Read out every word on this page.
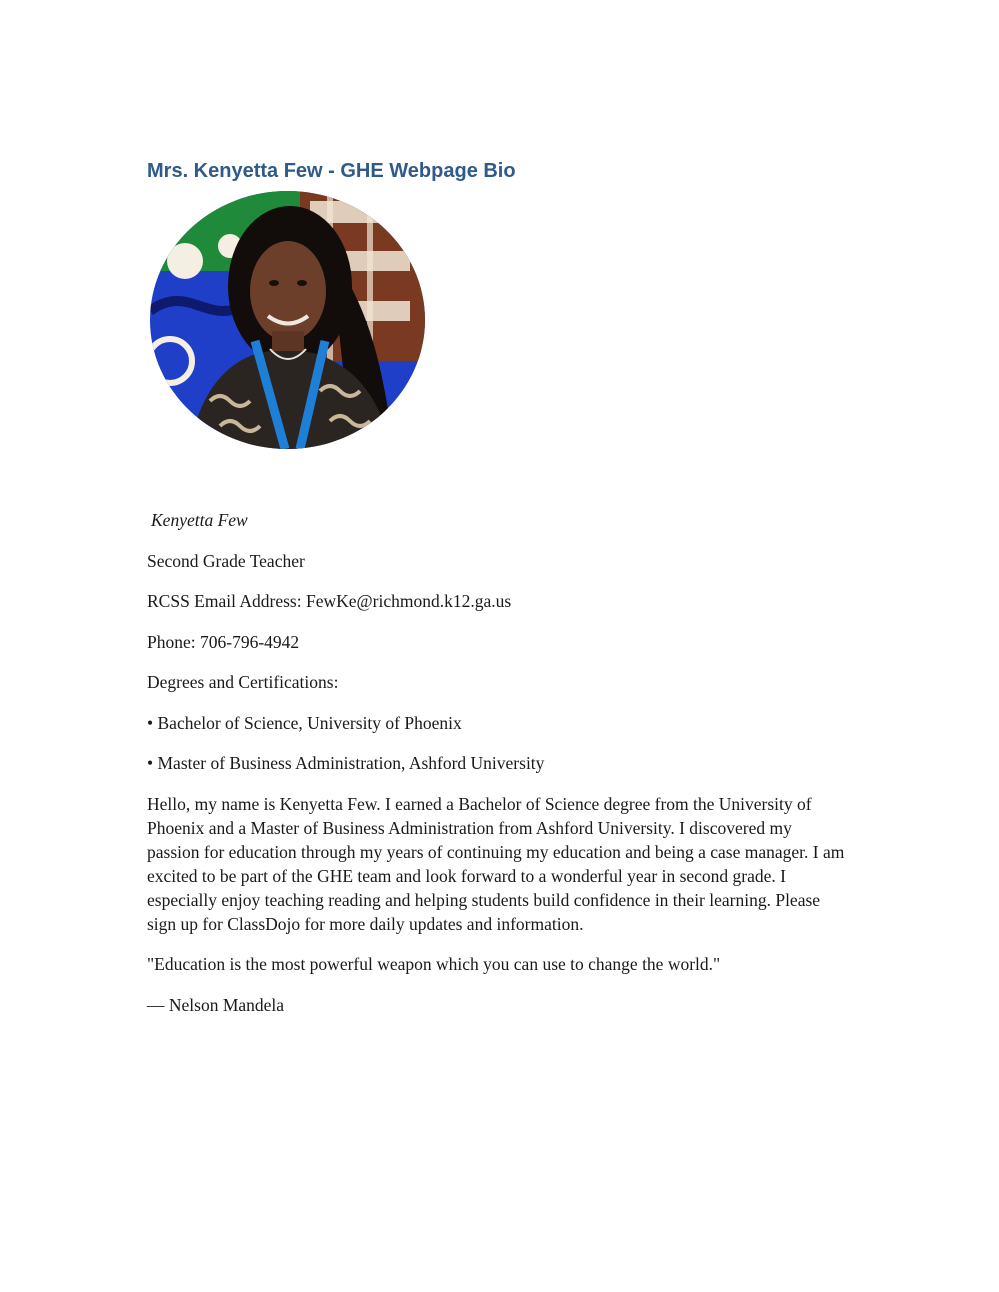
Mrs. Kenyetta Few - GHE Webpage Bio

Kenyetta Few

Second Grade Teacher

RCSS Email Address: FewKe@richmond.k12.ga.us

Phone: 706-796-4942

Degrees and Certifications:

• Bachelor of Science, University of Phoenix

• Master of Business Administration, Ashford University

Hello, my name is Kenyetta Few. I earned a Bachelor of Science degree from the University of Phoenix and a Master of Business Administration from Ashford University. I discovered my passion for education through my years of continuing my education and being a case manager. I am excited to be part of the GHE team and look forward to a wonderful year in second grade. I especially enjoy teaching reading and helping students build confidence in their learning. Please sign up for ClassDojo for more daily updates and information.

"Education is the most powerful weapon which you can use to change the world."

— Nelson Mandela
